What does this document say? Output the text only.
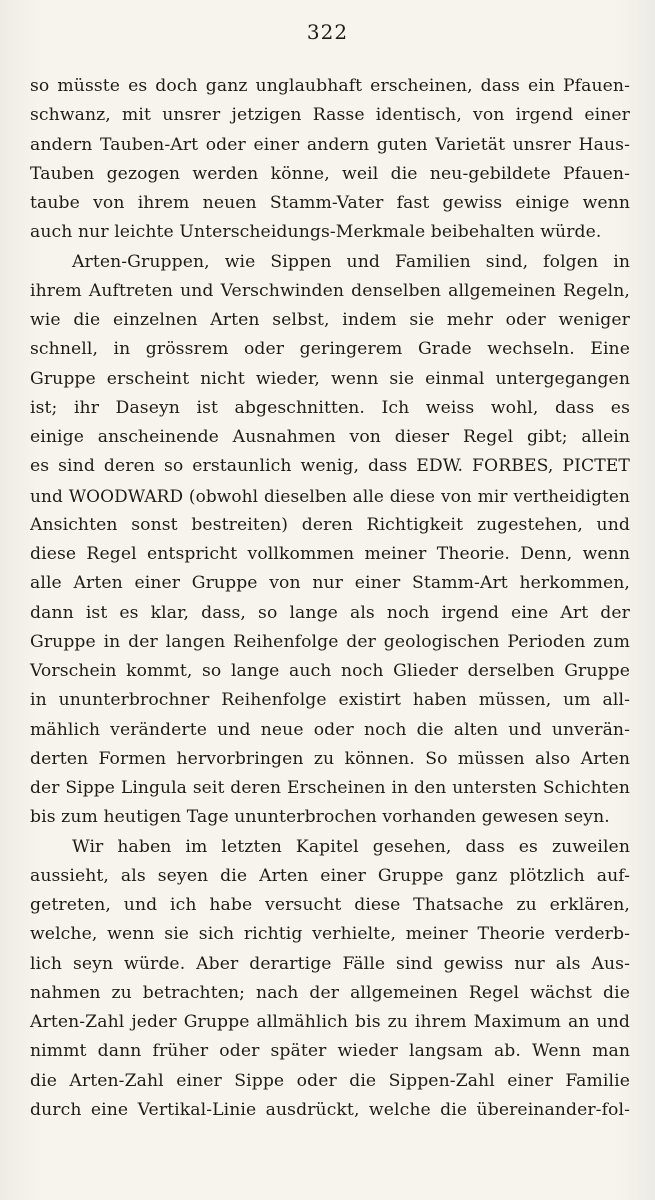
322
so müsste es doch ganz unglaubhaft erscheinen, dass ein Pfauen-
schwanz, mit unsrer jetzigen Rasse identisch, von irgend einer
andern Tauben-Art oder einer andern guten Varietät unsrer Haus-
Tauben gezogen werden könne, weil die neu-gebildete Pfauen-
taube von ihrem neuen Stamm-Vater fast gewiss einige wenn
auch nur leichte Unterscheidungs-Merkmale beibehalten würde.
Arten-Gruppen, wie Sippen und Familien sind, folgen in
ihrem Auftreten und Verschwinden denselben allgemeinen Regeln,
wie die einzelnen Arten selbst, indem sie mehr oder weniger
schnell, in grössrem oder geringerem Grade wechseln. Eine
Gruppe erscheint nicht wieder, wenn sie einmal untergegangen
ist; ihr Daseyn ist abgeschnitten. Ich weiss wohl, dass es
einige anscheinende Ausnahmen von dieser Regel gibt; allein
es sind deren so erstaunlich wenig, dass EDW. FORBES, PICTET
und WOODWARD (obwohl dieselben alle diese von mir vertheidigten
Ansichten sonst bestreiten) deren Richtigkeit zugestehen, und
diese Regel entspricht vollkommen meiner Theorie. Denn, wenn
alle Arten einer Gruppe von nur einer Stamm-Art herkommen,
dann ist es klar, dass, so lange als noch irgend eine Art der
Gruppe in der langen Reihenfolge der geologischen Perioden zum
Vorschein kommt, so lange auch noch Glieder derselben Gruppe
in ununterbrochner Reihenfolge existirt haben müssen, um all-
mählich veränderte und neue oder noch die alten und unverän-
derten Formen hervorbringen zu können. So müssen also Arten
der Sippe Lingula seit deren Erscheinen in den untersten Schichten
bis zum heutigen Tage ununterbrochen vorhanden gewesen seyn.
Wir haben im letzten Kapitel gesehen, dass es zuweilen
aussieht, als seyen die Arten einer Gruppe ganz plötzlich auf-
getreten, und ich habe versucht diese Thatsache zu erklären,
welche, wenn sie sich richtig verhielte, meiner Theorie verderb-
lich seyn würde. Aber derartige Fälle sind gewiss nur als Aus-
nahmen zu betrachten; nach der allgemeinen Regel wächst die
Arten-Zahl jeder Gruppe allmählich bis zu ihrem Maximum an und
nimmt dann früher oder später wieder langsam ab. Wenn man
die Arten-Zahl einer Sippe oder die Sippen-Zahl einer Familie
durch eine Vertikal-Linie ausdrückt, welche die übereinander-fol-
